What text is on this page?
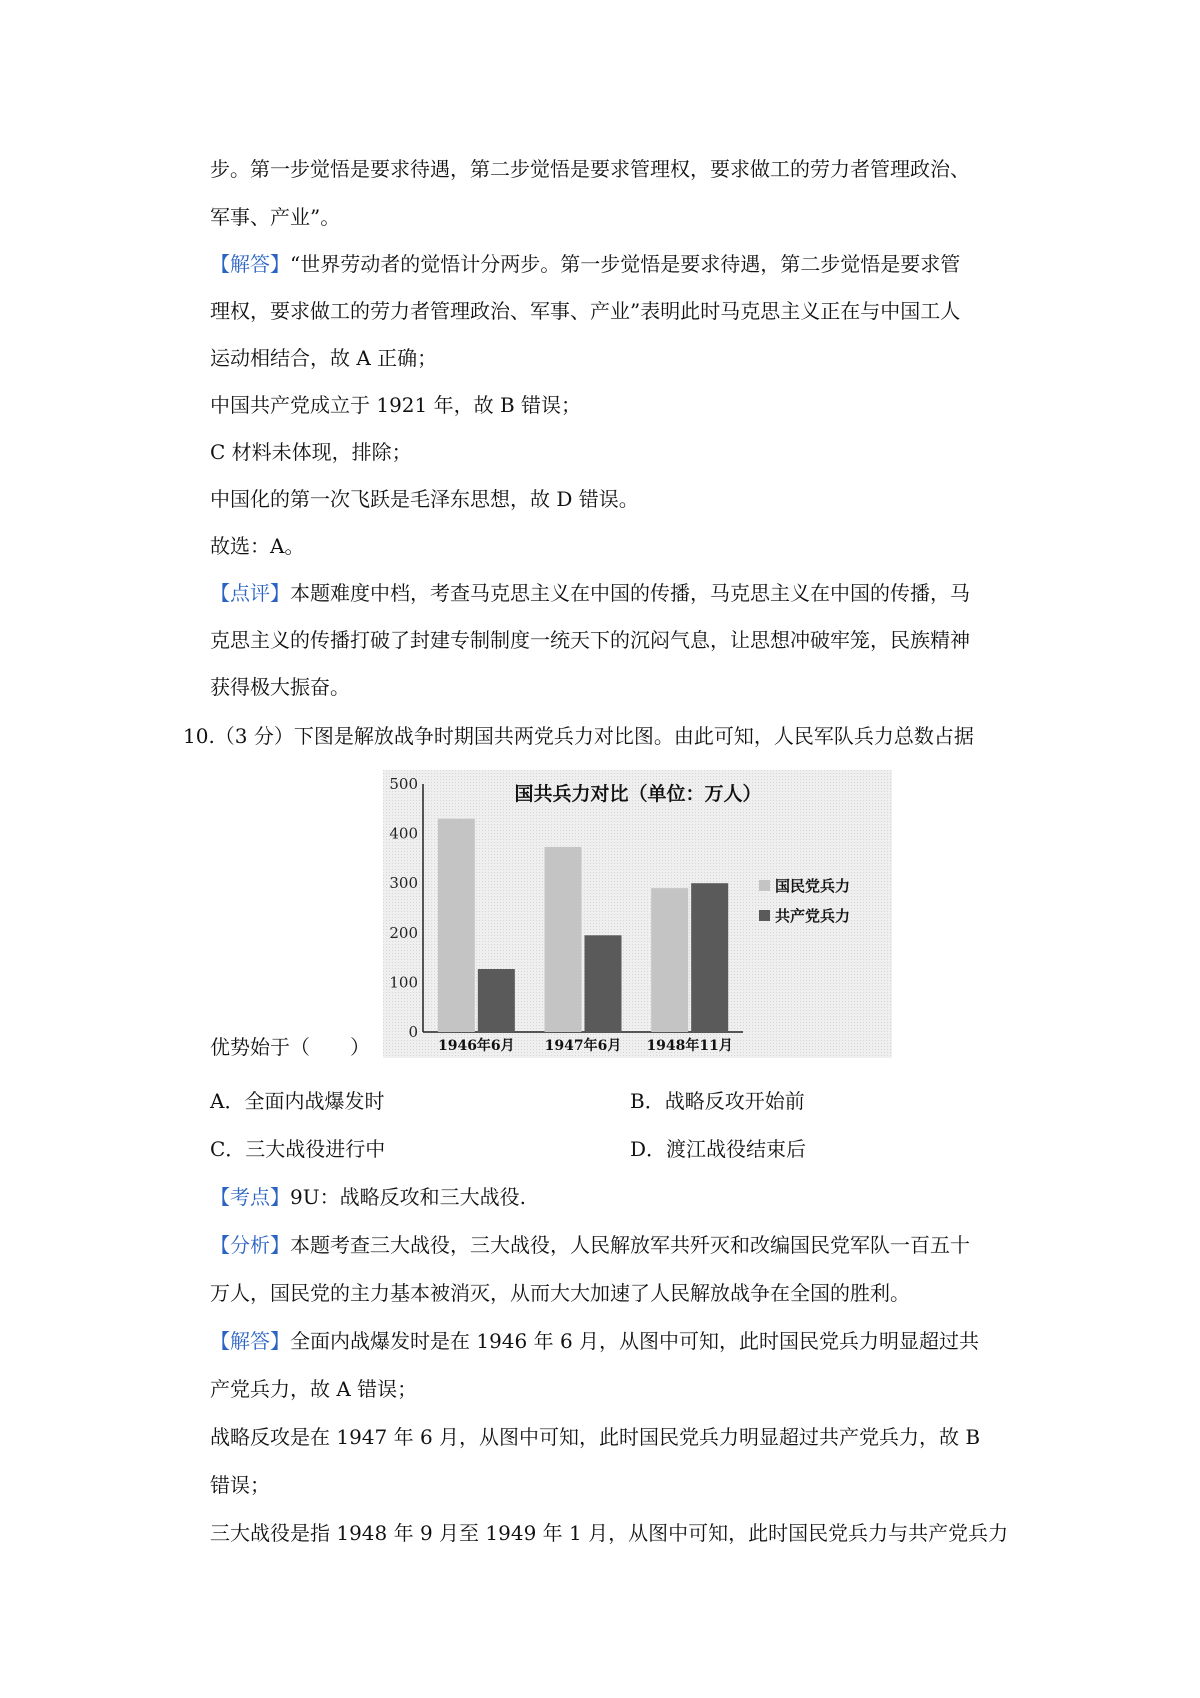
步。第一步觉悟是要求待遇，第二步觉悟是要求管理权，要求做工的劳力者管理政治、
军事、产业”。
【解答】“世界劳动者的觉悟计分两步。第一步觉悟是要求待遇，第二步觉悟是要求管
理权，要求做工的劳力者管理政治、军事、产业”表明此时马克思主义正在与中国工人
运动相结合，故 A 正确；
中国共产党成立于 1921 年，故 B 错误；
C 材料未体现，排除；
中国化的第一次飞跃是毛泽东思想，故 D 错误。
故选：A。
【点评】本题难度中档，考查马克思主义在中国的传播，马克思主义在中国的传播，马
克思主义的传播打破了封建专制制度一统天下的沉闷气息，让思想冲破牢笼，民族精神
获得极大振奋。
10.（3 分）下图是解放战争时期国共两党兵力对比图。由此可知，人民军队兵力总数占据
0
100
200
300
400
500
1946年6月 1947年6月 1948年11月
国共兵力对比（单位：万人）
国民党兵力
共产党兵力
优势始于（　　）
A．全面内战爆发时	B．战略反攻开始前
C．三大战役进行中	D．渡江战役结束后
【考点】9U：战略反攻和三大战役.
【分析】本题考查三大战役，三大战役，人民解放军共歼灭和改编国民党军队一百五十
万人，国民党的主力基本被消灭，从而大大加速了人民解放战争在全国的胜利。
【解答】全面内战爆发时是在 1946 年 6 月，从图中可知，此时国民党兵力明显超过共
产党兵力，故 A 错误；
战略反攻是在 1947 年 6 月，从图中可知，此时国民党兵力明显超过共产党兵力，故 B
错误；
三大战役是指 1948 年 9 月至 1949 年 1 月，从图中可知，此时国民党兵力与共产党兵力
